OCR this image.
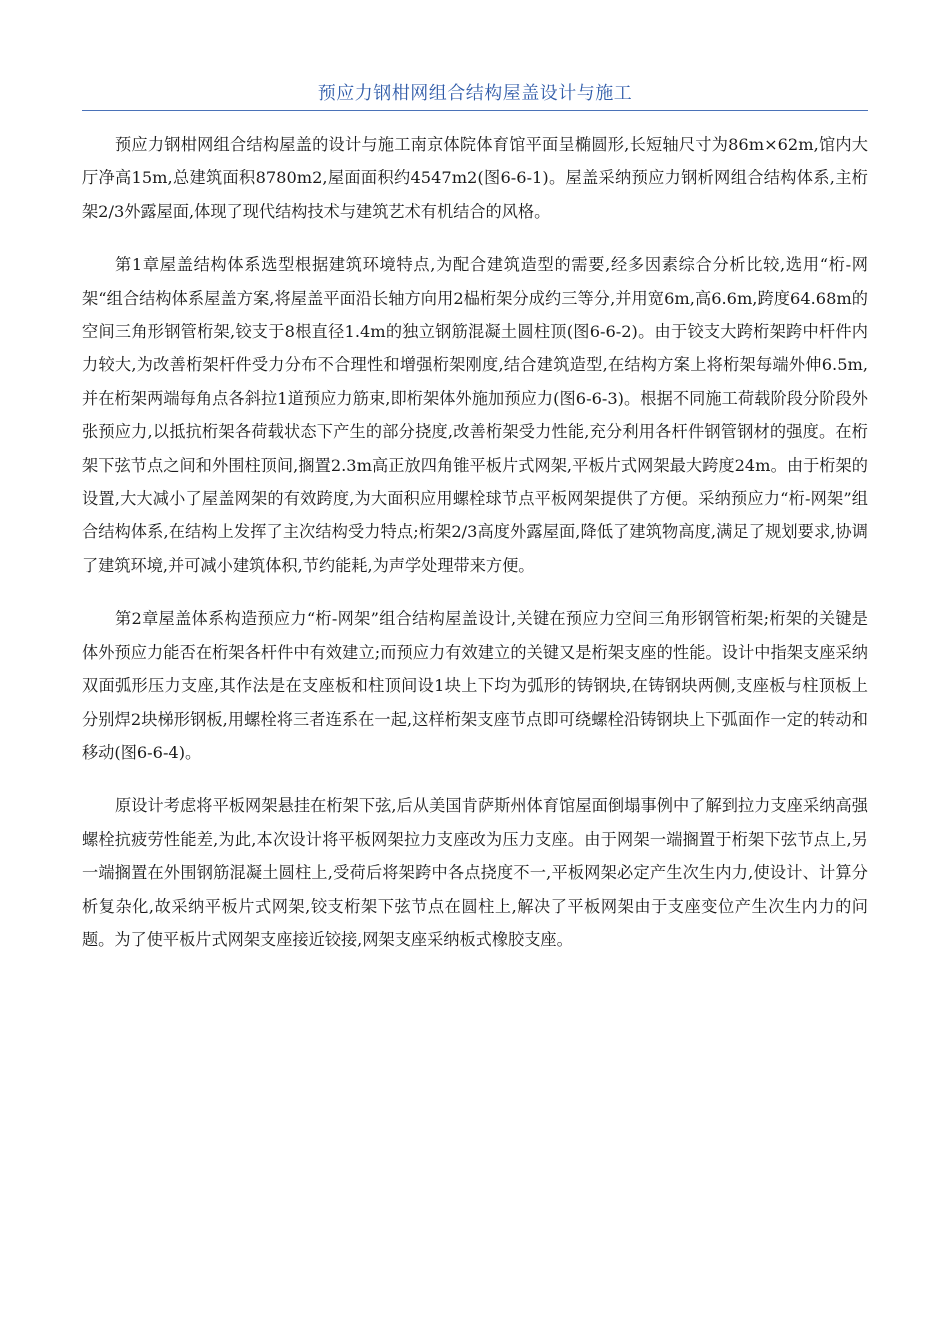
预应力钢柑网组合结构屋盖设计与施工

预应力钢柑网组合结构屋盖的设计与施工南京体院体育馆平面呈椭圆形,长短轴尺寸为86m×62m,馆内大厅净高15m,总建筑面积8780m2,屋面面积约4547m2(图6-6-1)。屋盖采纳预应力钢析网组合结构体系,主桁架2/3外露屋面,体现了现代结构技术与建筑艺术有机结合的风格。

第1章屋盖结构体系选型根据建筑环境特点,为配合建筑造型的需要,经多因素综合分析比较,选用“桁-网架“组合结构体系屋盖方案,将屋盖平面沿长轴方向用2榀桁架分成约三等分,并用宽6m,高6.6m,跨度64.68m的空间三角形钢管桁架,铰支于8根直径1.4m的独立钢筋混凝土圆柱顶(图6-6-2)。由于铰支大跨桁架跨中杆件内力较大,为改善桁架杆件受力分布不合理性和增强桁架刚度,结合建筑造型,在结构方案上将桁架每端外伸6.5m,并在桁架两端每角点各斜拉1道预应力筋束,即桁架体外施加预应力(图6-6-3)。根据不同施工荷载阶段分阶段外张预应力,以抵抗桁架各荷载状态下产生的部分挠度,改善桁架受力性能,充分利用各杆件钢管钢材的强度。在桁架下弦节点之间和外围柱顶间,搁置2.3m高正放四角锥平板片式网架,平板片式网架最大跨度24m。由于桁架的设置,大大减小了屋盖网架的有效跨度,为大面积应用螺栓球节点平板网架提供了方便。采纳预应力“桁-网架”组合结构体系,在结构上发挥了主次结构受力特点;桁架2/3高度外露屋面,降低了建筑物高度,满足了规划要求,协调了建筑环境,并可减小建筑体积,节约能耗,为声学处理带来方便。

第2章屋盖体系构造预应力“桁-网架”组合结构屋盖设计,关键在预应力空间三角形钢管桁架;桁架的关键是体外预应力能否在桁架各杆件中有效建立;而预应力有效建立的关键又是桁架支座的性能。设计中指架支座采纳双面弧形压力支座,其作法是在支座板和柱顶间设1块上下均为弧形的铸钢块,在铸钢块两侧,支座板与柱顶板上分别焊2块梯形钢板,用螺栓将三者连系在一起,这样桁架支座节点即可绕螺栓沿铸钢块上下弧面作一定的转动和移动(图6-6-4)。

原设计考虑将平板网架悬挂在桁架下弦,后从美国肯萨斯州体育馆屋面倒塌事例中了解到拉力支座采纳高强螺栓抗疲劳性能差,为此,本次设计将平板网架拉力支座改为压力支座。由于网架一端搁置于桁架下弦节点上,另一端搁置在外围钢筋混凝土圆柱上,受荷后将架跨中各点挠度不一,平板网架必定产生次生内力,使设计、计算分析复杂化,故采纳平板片式网架,铰支桁架下弦节点在圆柱上,解决了平板网架由于支座变位产生次生内力的问题。为了使平板片式网架支座接近铰接,网架支座采纳板式橡胶支座。
